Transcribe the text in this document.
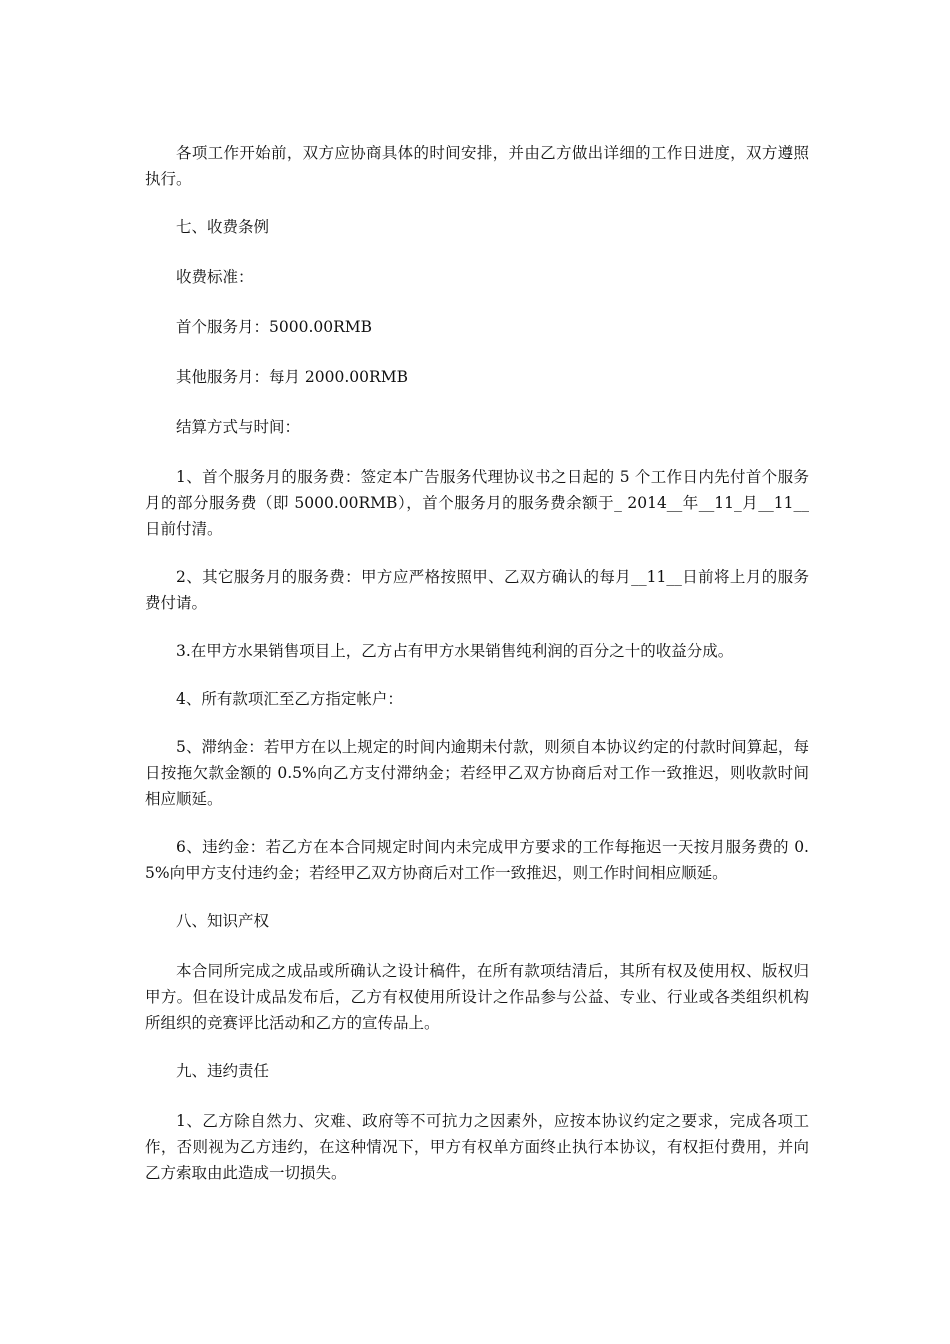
各项工作开始前，双方应协商具体的时间安排，并由乙方做出详细的工作日进度，双方遵照执行。

七、收费条例

收费标准：

首个服务月：5000.00RMB

其他服务月：每月 2000.00RMB

结算方式与时间：

1、首个服务月的服务费：签定本广告服务代理协议书之日起的 5 个工作日内先付首个服务月的部分服务费（即 5000.00RMB），首个服务月的服务费余额于_ 2014__年__11_月__11__日前付清。

2、其它服务月的服务费：甲方应严格按照甲、乙双方确认的每月__11__日前将上月的服务费付请。

3.在甲方水果销售项目上，乙方占有甲方水果销售纯利润的百分之十的收益分成。

4、所有款项汇至乙方指定帐户：

5、滞纳金：若甲方在以上规定的时间内逾期未付款，则须自本协议约定的付款时间算起，每日按拖欠款金额的 0.5%向乙方支付滞纳金；若经甲乙双方协商后对工作一致推迟，则收款时间相应顺延。

6、违约金：若乙方在本合同规定时间内未完成甲方要求的工作每拖迟一天按月服务费的 0.5%向甲方支付违约金；若经甲乙双方协商后对工作一致推迟，则工作时间相应顺延。

八、知识产权

本合同所完成之成品或所确认之设计稿件，在所有款项结清后，其所有权及使用权、版权归甲方。但在设计成品发布后，乙方有权使用所设计之作品参与公益、专业、行业或各类组织机构所组织的竞赛评比活动和乙方的宣传品上。

九、违约责任

1、乙方除自然力、灾难、政府等不可抗力之因素外，应按本协议约定之要求，完成各项工作，否则视为乙方违约，在这种情况下，甲方有权单方面终止执行本协议，有权拒付费用，并向乙方索取由此造成一切损失。
